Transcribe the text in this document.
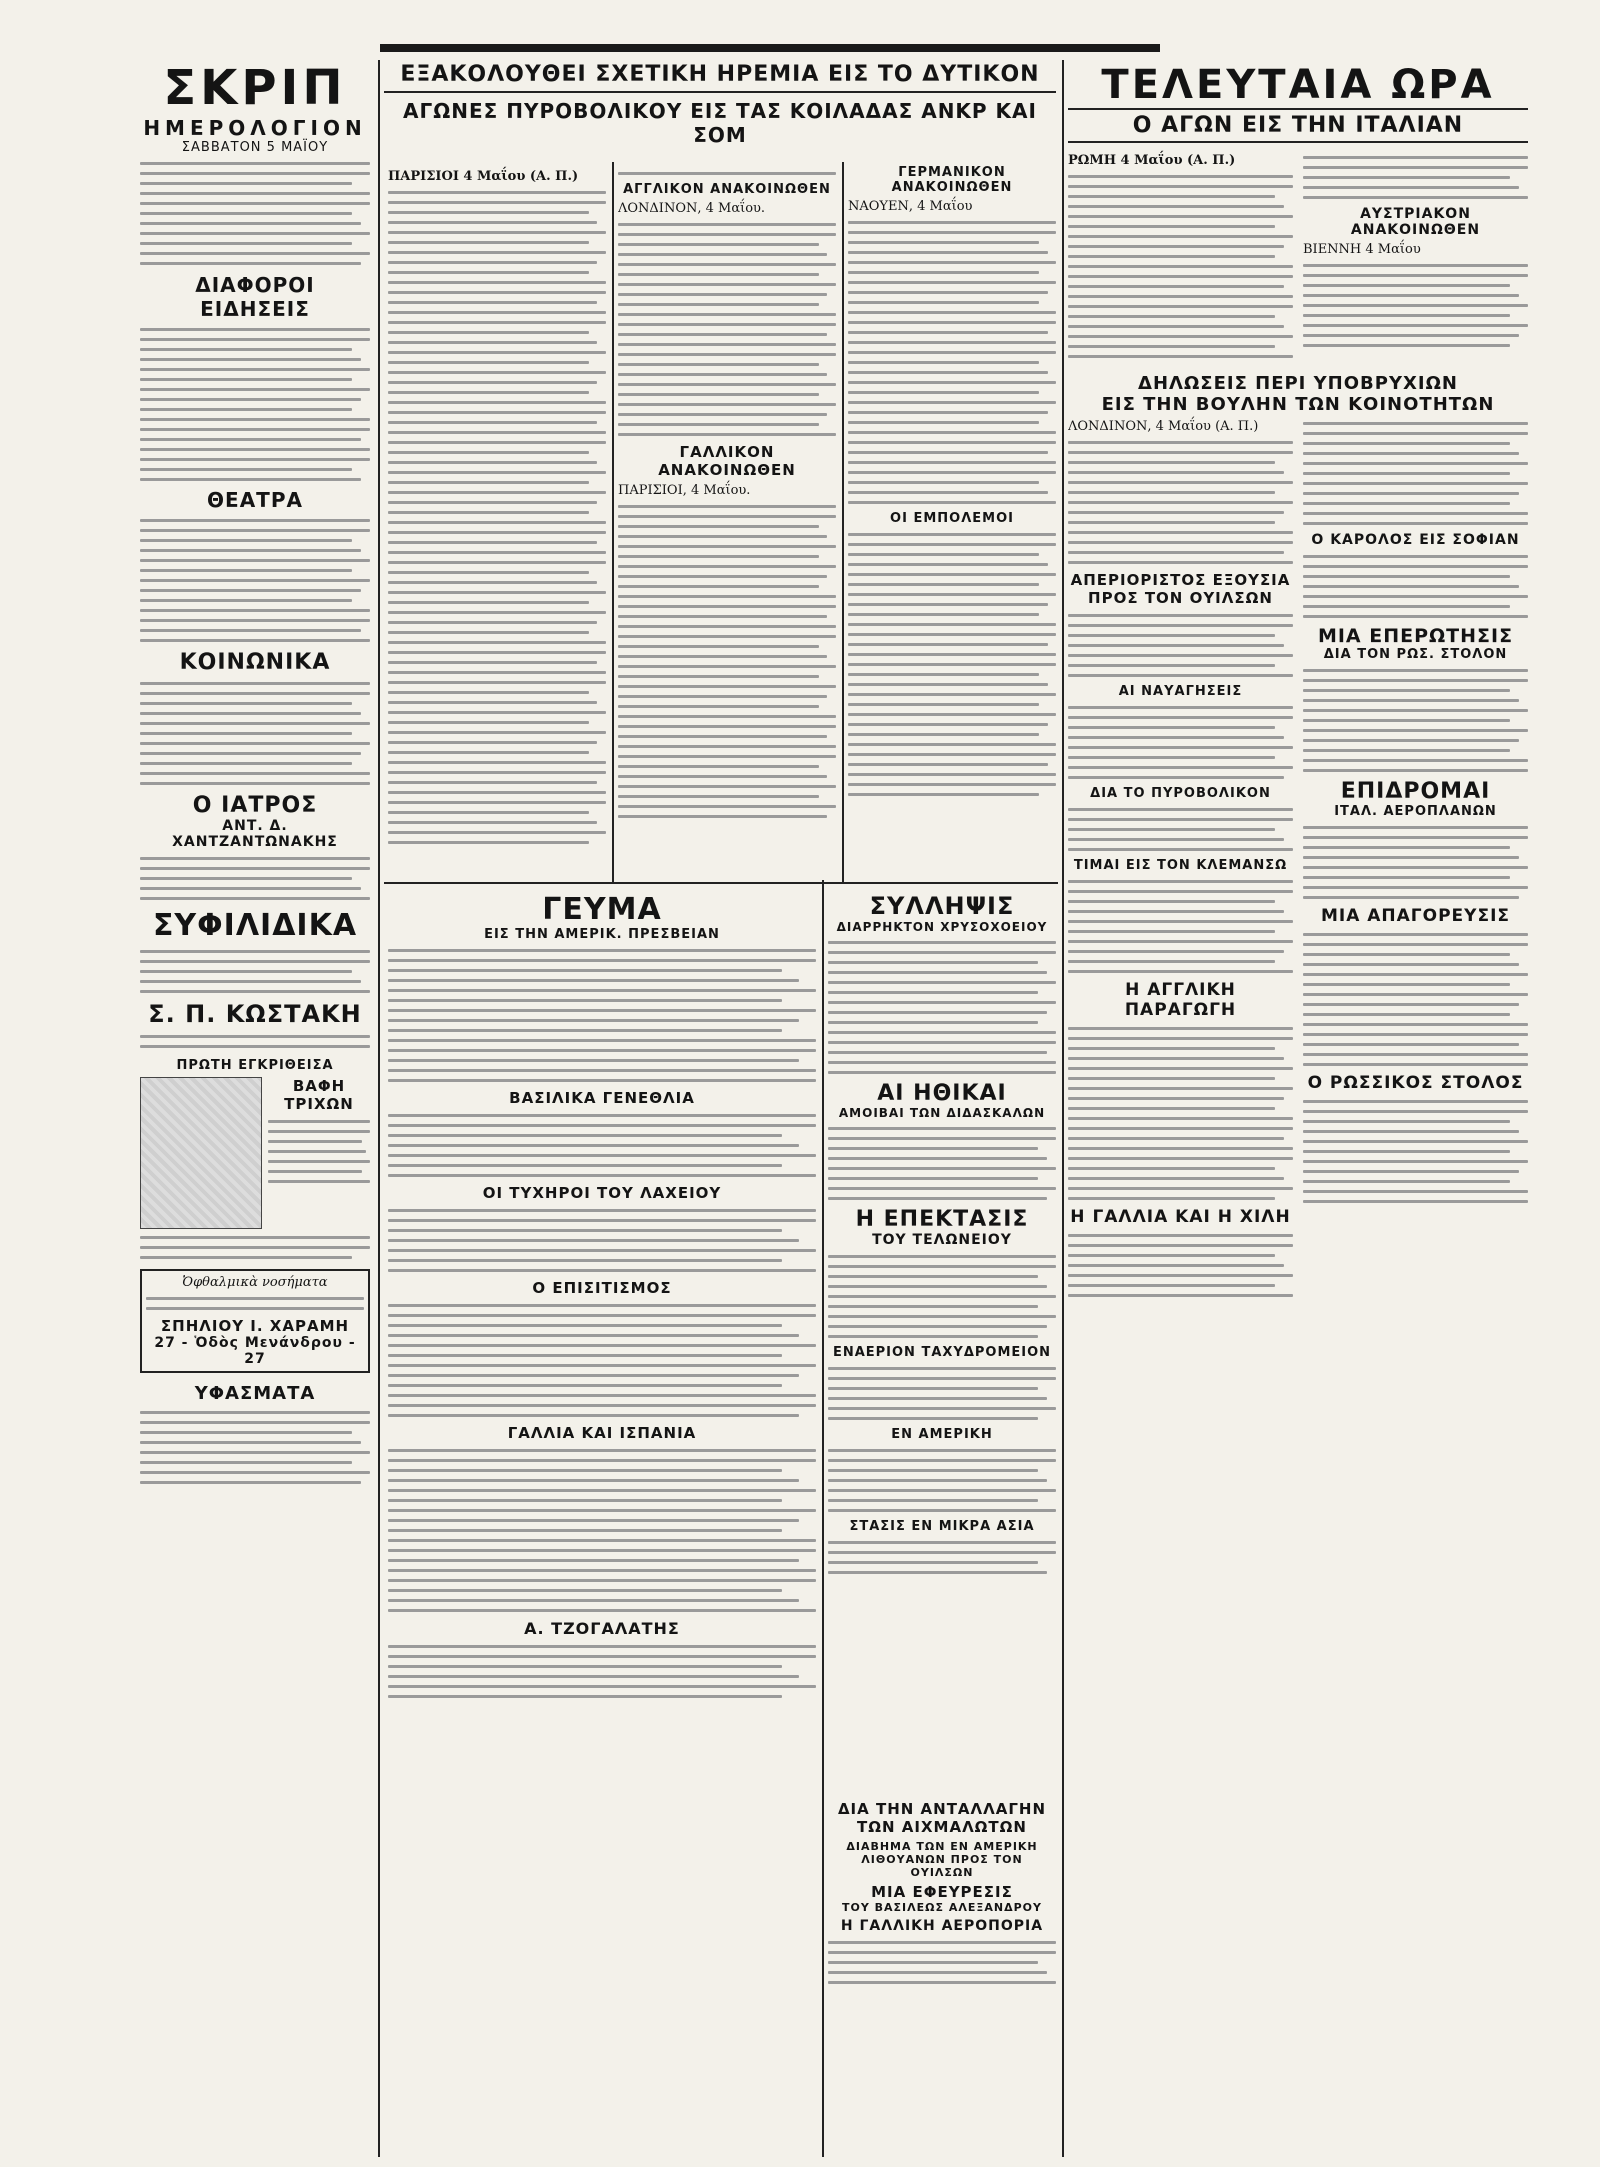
ΣΚΡΙΠ
ΗΜΕΡΟΛΟΓΙΟΝ
ΣΑΒΒΑΤΟΝ 5 ΜΑΪΟΥ
ΔΙΑΦΟΡΟΙ ΕΙΔΗΣΕΙΣ
ΘΕΑΤΡΑ
ΚΟΙΝΩΝΙΚΑ
Ο ΙΑΤΡΟΣ
ΑΝΤ. Δ. ΧΑΝΤΖΑΝΤΩΝΑΚΗΣ
ΣΥΦΙΛΙΔΙΚΑ
Σ. Π. ΚΩΣΤΑΚΗ
ΠΡΩΤΗ ΕΓΚΡΙΘΕΙΣΑ
ΒΑΦΗ ΤΡΙΧΩΝ
Ὀφθαλμικὰ νοσήματα
ΣΠΗΛΙΟΥ Ι. ΧΑΡΑΜΗ
27 - Ὁδὸς Μενάνδρου - 27
ΥΦΑΣΜΑΤΑ
ΕΞΑΚΟΛΟΥΘΕΙ ΣΧΕΤΙΚΗ ΗΡΕΜΙΑ ΕΙΣ ΤΟ ΔΥΤΙΚΟΝ
ΑΓΩΝΕΣ ΠΥΡΟΒΟΛΙΚΟΥ ΕΙΣ ΤΑΣ ΚΟΙΛΑΔΑΣ ΑΝΚΡ ΚΑΙ ΣΟΜ
ΠΑΡΙΣΙΟΙ 4 Μαΐου (Α. Π.)
ΑΓΓΛΙΚΟΝ ΑΝΑΚΟΙΝΩΘΕΝ
ΛΟΝΔΙΝΟΝ, 4 Μαΐου.
ΓΑΛΛΙΚΟΝ ΑΝΑΚΟΙΝΩΘΕΝ
ΠΑΡΙΣΙΟΙ, 4 Μαΐου.
ΓΕΡΜΑΝΙΚΟΝ ΑΝΑΚΟΙΝΩΘΕΝ
ΝΑΟΥΕΝ, 4 Μαΐου
ΟΙ ΕΜΠΟΛΕΜΟΙ
ΓΕΥΜΑ
ΕΙΣ ΤΗΝ ΑΜΕΡΙΚ. ΠΡΕΣΒΕΙΑΝ
ΒΑΣΙΛΙΚΑ ΓΕΝΕΘΛΙΑ
ΟΙ ΤΥΧΗΡΟΙ ΤΟΥ ΛΑΧΕΙΟΥ
Ο ΕΠΙΣΙΤΙΣΜΟΣ
ΓΑΛΛΙΑ ΚΑΙ ΙΣΠΑΝΙΑ
Α. ΤΖΟΓΑΛΑΤΗΣ
ΣΥΛΛΗΨΙΣ
ΔΙΑΡΡΗΚΤΟΝ ΧΡΥΣΟΧΟΕΙΟΥ
ΑΙ ΗΘΙΚΑΙ
ΑΜΟΙΒΑΙ ΤΩΝ ΔΙΔΑΣΚΑΛΩΝ
Η ΕΠΕΚΤΑΣΙΣ
ΤΟΥ ΤΕΛΩΝΕΙΟΥ
ΕΝΑΕΡΙΟΝ ΤΑΧΥΔΡΟΜΕΙΟΝ
ΕΝ ΑΜΕΡΙΚΗ
ΣΤΑΣΙΣ ΕΝ ΜΙΚΡΑ ΑΣΙΑ
ΤΕΛΕΥΤΑΙΑ ΩΡΑ
Ο ΑΓΩΝ ΕΙΣ ΤΗΝ ΙΤΑΛΙΑΝ
ΡΩΜΗ 4 Μαΐου (Α. Π.)
ΑΥΣΤΡΙΑΚΟΝ ΑΝΑΚΟΙΝΩΘΕΝ
ΒΙΕΝΝΗ 4 Μαΐου
ΔΗΛΩΣΕΙΣ ΠΕΡΙ ΥΠΟΒΡΥΧΙΩΝ
ΕΙΣ ΤΗΝ ΒΟΥΛΗΝ ΤΩΝ ΚΟΙΝΟΤΗΤΩΝ
ΛΟΝΔΙΝΟΝ, 4 Μαΐου (Α. Π.)
ΑΠΕΡΙΟΡΙΣΤΟΣ ΕΞΟΥΣΙΑ
ΠΡΟΣ ΤΟΝ ΟΥΙΛΣΩΝ
ΑΙ ΝΑΥΑΓΗΣΕΙΣ
ΔΙΑ ΤΟ ΠΥΡΟΒΟΛΙΚΟΝ
ΤΙΜΑΙ ΕΙΣ ΤΟΝ ΚΛΕΜΑΝΣΩ
Η ΑΓΓΛΙΚΗ ΠΑΡΑΓΩΓΗ
Η ΓΑΛΛΙΑ ΚΑΙ Η ΧΙΛΗ
Ο ΚΑΡΟΛΟΣ ΕΙΣ ΣΟΦΙΑΝ
ΜΙΑ ΕΠΕΡΩΤΗΣΙΣ
ΔΙΑ ΤΟΝ ΡΩΣ. ΣΤΟΛΟΝ
ΕΠΙΔΡΟΜΑΙ
ΙΤΑΛ. ΑΕΡΟΠΛΑΝΩΝ
ΜΙΑ ΑΠΑΓΟΡΕΥΣΙΣ
Ο ΡΩΣΣΙΚΟΣ ΣΤΟΛΟΣ
ΔΙΑ ΤΗΝ ΑΝΤΑΛΛΑΓΗΝ
ΤΩΝ ΑΙΧΜΑΛΩΤΩΝ
ΔΙΑΒΗΜΑ ΤΩΝ ΕΝ ΑΜΕΡΙΚΗ ΛΙΘΟΥΑΝΩΝ ΠΡΟΣ ΤΟΝ ΟΥΙΛΣΩΝ
ΜΙΑ ΕΦΕΥΡΕΣΙΣ
ΤΟΥ ΒΑΣΙΛΕΩΣ ΑΛΕΞΑΝΔΡΟΥ
Η ΓΑΛΛΙΚΗ ΑΕΡΟΠΟΡΙΑ
